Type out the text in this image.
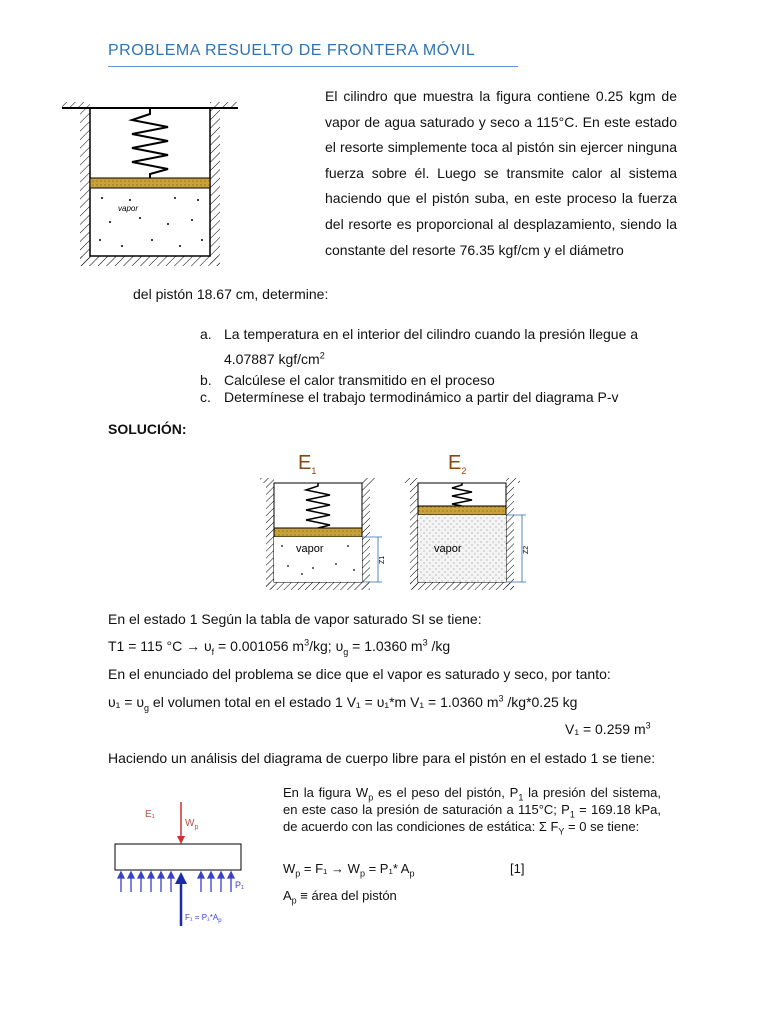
PROBLEMA RESUELTO DE FRONTERA MÓVIL
vapor
El cilindro que muestra la figura contiene 0.25 kgm de vapor de agua saturado y seco a 115°C. En este estado el resorte simplemente toca al pistón sin ejercer ninguna fuerza sobre él. Luego se transmite calor al sistema haciendo que el pistón suba, en este proceso la fuerza del resorte es proporcional al desplazamiento, siendo la constante del resorte 76.35 kgf/cm y el diámetro
del pistón 18.67 cm, determine:
a. La temperatura en el interior del cilindro cuando la presión llegue a 4.07887 kgf/$cm^2$
b. Calcúlese el calor transmitido en el proceso
c. Determínese el trabajo termodinámico a partir del diagrama P-v
SOLUCIÓN:
$E_1$	$E_2$
vapor	vapor
Z1
Z2
En el estado 1 Según la tabla de vapor saturado SI se tiene:
T1 = 115 $^\circ C \to \upsilon_f = 0.001056$ $m^3/kg$; $\upsilon_g = 1.0360$ $m^3$ /kg
En el enunciado del problema se dice que el vapor es saturado y seco, por tanto:
$\upsilon_1 = \upsilon_g$ el volumen total en el estado 1 V₁ = υ₁*m V₁ = 1.0360 $m^3$ /kg*0.25 kg
V₁ = 0.259 $m^3$
Haciendo un análisis del diagrama de cuerpo libre para el pistón en el estado 1 se tiene:
E₁
$W_p$
P₁
$F_1 = P_1*A_p$
En la figura $W_p$ es el peso del pistón, $P_1$ la presión del sistema, en este caso la presión de saturación a 115°C; $P_1 = 169.18$ kPa, de acuerdo con las condiciones de estática: Σ $F_Y = 0$ se tiene:
$W_p = F_1 \to W_p = P_1*$ $A_p$	[1]
$A_p$ ≡ área del pistón
